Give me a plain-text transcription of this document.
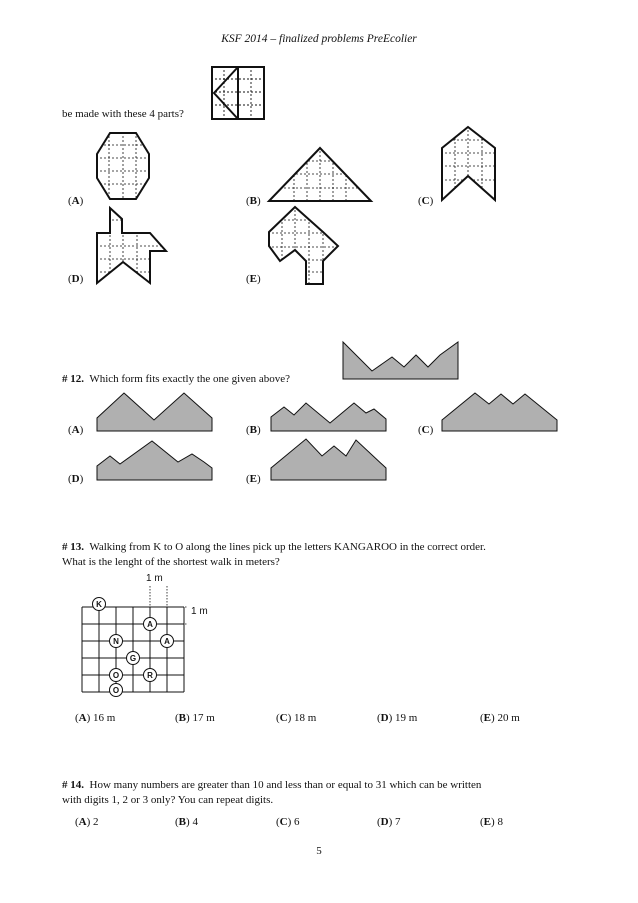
KSF 2014 – finalized problems PreEcolier
be made with these 4 parts?
( A )	( B )	( C )
( D )	( E )
# 12. Which form fits exactly the one given above?
( A )	( B )	( C )
( D )	( E )
# 13. Walking from K to O along the lines pick up the letters KANGAROO in the correct order.
What is the lenght of the shortest walk in meters?
K
A
N	A
G
O	R
O
1 m
1 m
( A ) 16 m	( B ) 17 m	( C ) 18 m	( D ) 19 m	( E ) 20 m
# 14. How many numbers are greater than 10 and less than or equal to 31 which can be written
with digits 1, 2 or 3 only? You can repeat digits.
( A ) 2	( B ) 4	( C ) 6	( D ) 7	( E ) 8
5
